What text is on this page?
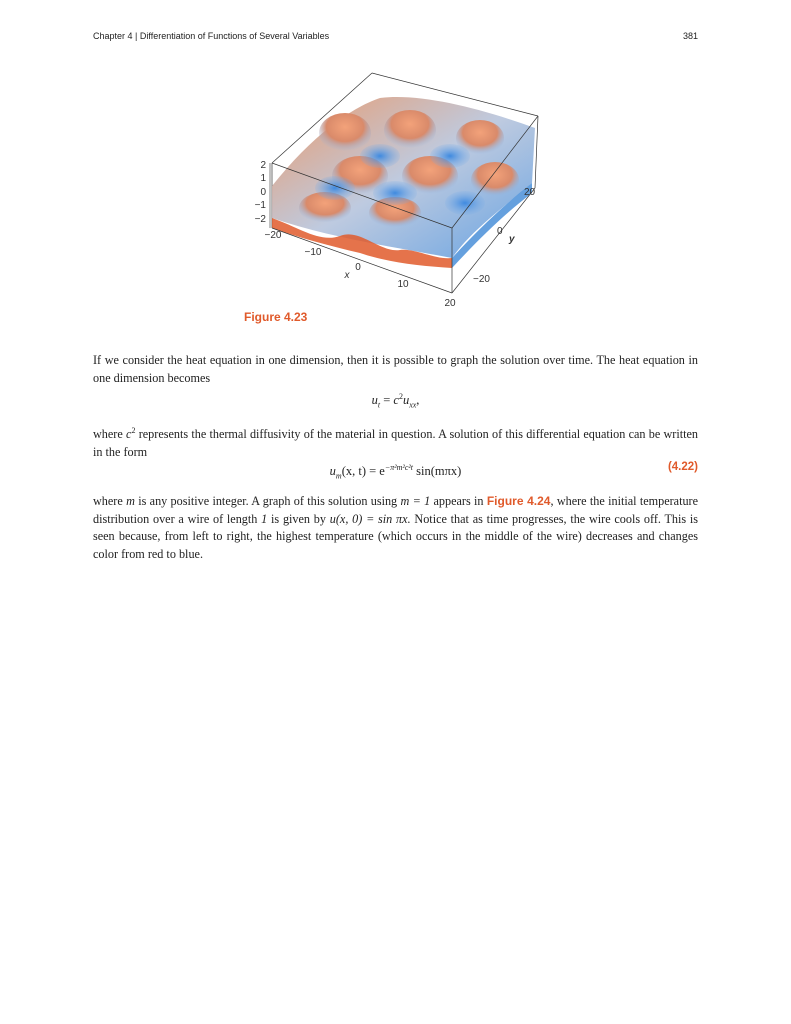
Chapter 4 | Differentiation of Functions of Several Variables	381
2
1
0
−1
−2
−20
−10
0
10
20
x
20
0
−20
y
Figure 4.23
If we consider the heat equation in one dimension, then it is possible to graph the solution over time. The heat equation in one dimension becomes
$u_t = c^2u_{xx}$,
where $c^2$ represents the thermal diffusivity of the material in question. A solution of this differential equation can be written in the form
$u_m(x$, $t) = e^{-\pi^2m^2c^2t}$ sin(mπx)	(4.22)
where m is any positive integer. A graph of this solution using m = 1 appears in Figure 4.24, where the initial temperature distribution over a wire of length 1 is given by u(x, 0) = sin πx. Notice that as time progresses, the wire cools off. This is seen because, from left to right, the highest temperature (which occurs in the middle of the wire) decreases and changes color from red to blue.
